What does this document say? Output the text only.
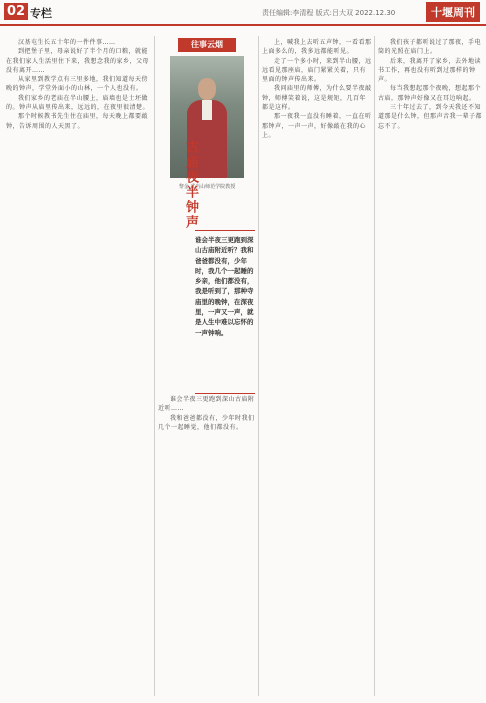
02 专栏	责任编辑:李清程 版式:吕大双 2022.12.30	十堰周刊

汉基屯生长五十年的一件件事……

到把堡子里，母亲说好了半个月的口粮，就能在我们家人生活里住下来，我想念我的家乡，父母没有离开……

从家里到教学点有三里多地，我们知道每天傍晚的钟声，学堂外面小的山林，一个人也没有。

我们家乡的老庙在半山腰上，庙墙也是土坯做的。钟声从庙里传出来，远远的，在夜里很清楚。

那个时候教书先生住在庙里，每天晚上都要敲钟，告诉周围的人天黑了。

往事云烟
黎金 武当山师范学院教授
古庙夜半钟声
谁会半夜三更跑到深山古庙附近听？我和爸爸都没有，少年时，我几个一起睡的乡亲，他们都没有，我是听到了，那种寺庙里的晚钟，在深夜里，一声又一声，就是人生中难以忘怀的一声钟响。

谁会半夜三更跑到深山古庙附近听……

我和爸爸都没有，少年时我们几个一起睡觉，他们都没有。

上，喊我上去听五声钟，一看看那上面多么的，我多远都能听见。

走了一个多小时，来到半山腰，远远看见那座庙，庙门紧紧关着，只有里面的钟声传出来。

我问庙里的师傅，为什么要半夜敲钟，师傅笑着说，这是规矩，几百年都是这样。

那一夜我一直没有睡着，一直在听那钟声，一声一声，好像敲在我的心上。

我们孩子都听说过了那夜，手电筒的光照在庙门上。

后来，我离开了家乡，去外地读书工作，再也没有听到过那样的钟声。

每当我想起那个夜晚，想起那个古庙，那钟声好像又在耳边响起。

三十年过去了，到今天我还不知道那是什么钟，但那声音我一辈子都忘不了。
